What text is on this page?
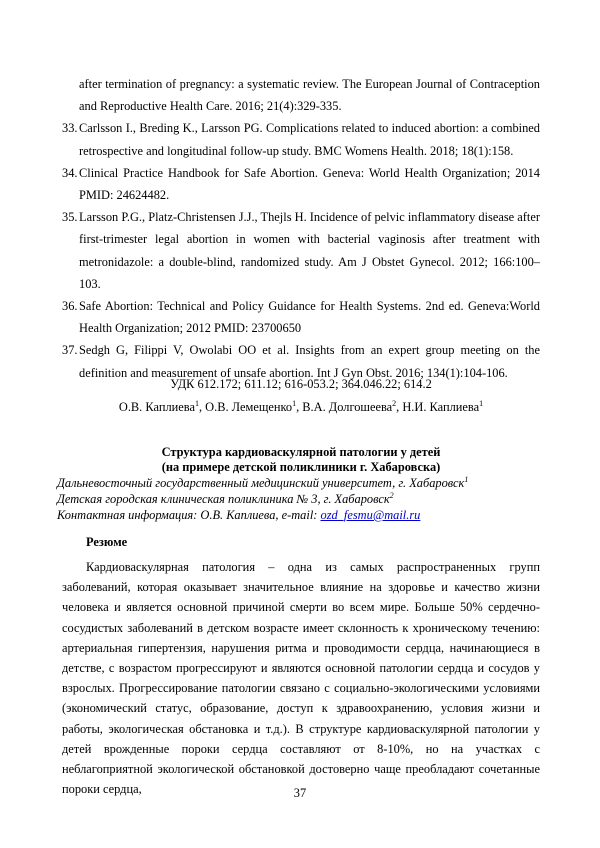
after termination of pregnancy: a systematic review. The European Journal of Contraception and Reproductive Health Care. 2016; 21(4):329-335.
33. Carlsson I., Breding K., Larsson PG. Complications related to induced abortion: a combined retrospective and longitudinal follow-up study. BMC Womens Health. 2018; 18(1):158.
34. Clinical Practice Handbook for Safe Abortion. Geneva: World Health Organization; 2014 PMID: 24624482.
35. Larsson P.G., Platz-Christensen J.J., Thejls H. Incidence of pelvic inflammatory disease after first-trimester legal abortion in women with bacterial vaginosis after treatment with metronidazole: a double-blind, randomized study. Am J Obstet Gynecol. 2012; 166:100–103.
36. Safe Abortion: Technical and Policy Guidance for Health Systems. 2nd ed. Geneva:World Health Organization; 2012 PMID: 23700650
37. Sedgh G, Filippi V, Owolabi OO et al. Insights from an expert group meeting on the definition and measurement of unsafe abortion. Int J Gyn Obst. 2016; 134(1):104-106.
УДК 612.172; 611.12; 616-053.2; 364.046.22; 614.2
О.В. Каплиева$^1$, О.В. Лемещенко$^1$, В.А. Долгошеева$^2$, Н.И. Каплиева$^1$
Структура кардиоваскулярной патологии у детей
(на примере детской поликлиники г. Хабаровска)
Дальневосточный государственный медицинский университет, г. Хабаровск$^1$
Детская городская клиническая поликлиника № 3, г. Хабаровск$^2$
Контактная информация: О.В. Каплиева, e-mail: ozd_fesmu@mail.ru
Резюме
Кардиоваскулярная патология – одна из самых распространенных групп заболеваний, которая оказывает значительное влияние на здоровье и качество жизни человека и является основной причиной смерти во всем мире. Больше 50% сердечно-сосудистых заболеваний в детском возрасте имеет склонность к хроническому течению: артериальная гипертензия, нарушения ритма и проводимости сердца, начинающиеся в детстве, с возрастом прогрессируют и являются основной патологии сердца и сосудов у взрослых. Прогрессирование патологии связано с социально-экологическими условиями (экономический статус, образование, доступ к здравоохранению, условия жизни и работы, экологическая обстановка и т.д.). В структуре кардиоваскулярной патологии у детей врожденные пороки сердца составляют от 8-10%, но на участках с неблагоприятной экологической обстановкой достоверно чаще преобладают сочетанные пороки сердца,	37
